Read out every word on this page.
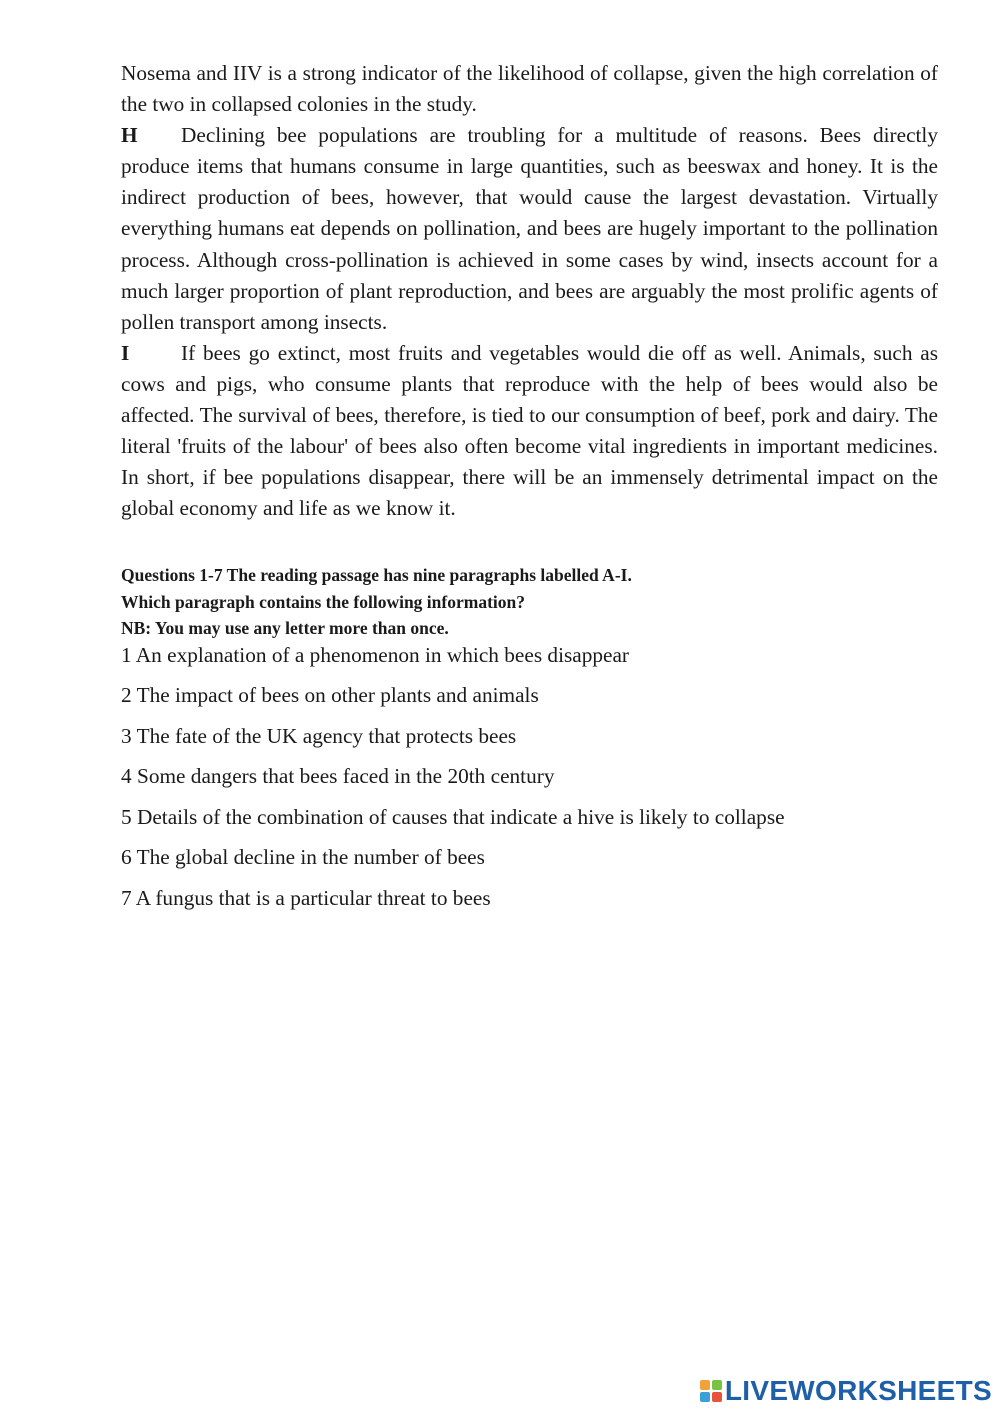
Nosema and IIV is a strong indicator of the likelihood of collapse, given the high correlation of the two in collapsed colonies in the study.

H Declining bee populations are troubling for a multitude of reasons. Bees directly produce items that humans consume in large quantities, such as beeswax and honey. It is the indirect production of bees, however, that would cause the largest devastation. Virtually everything humans eat depends on pollination, and bees are hugely important to the pollination process. Although cross-pollination is achieved in some cases by wind, insects account for a much larger proportion of plant reproduction, and bees are arguably the most prolific agents of pollen transport among insects.

I If bees go extinct, most fruits and vegetables would die off as well. Animals, such as cows and pigs, who consume plants that reproduce with the help of bees would also be affected. The survival of bees, therefore, is tied to our consumption of beef, pork and dairy. The literal 'fruits of the labour' of bees also often become vital ingredients in important medicines. In short, if bee populations disappear, there will be an immensely detrimental impact on the global economy and life as we know it.

Questions 1-7 The reading passage has nine paragraphs labelled A-I.

Which paragraph contains the following information?

NB: You may use any letter more than once.

1 An explanation of a phenomenon in which bees disappear

2 The impact of bees on other plants and animals

3 The fate of the UK agency that protects bees

4 Some dangers that bees faced in the 20th century

5 Details of the combination of causes that indicate a hive is likely to collapse

6 The global decline in the number of bees

7 A fungus that is a particular threat to bees

LIVEWORKSHEETS
